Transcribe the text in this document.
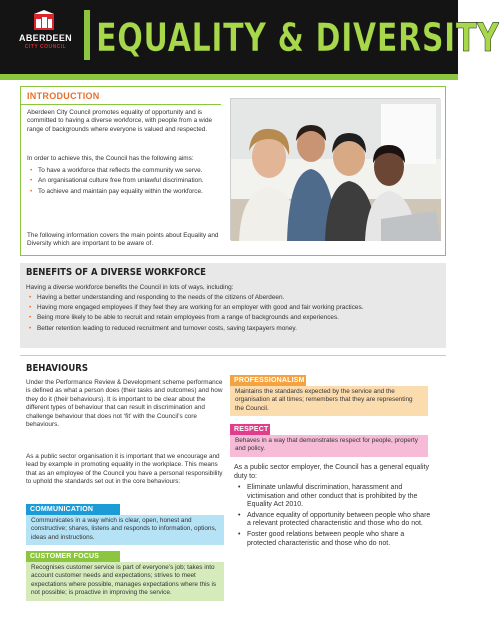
ABERDEEN
CITY COUNCIL EQUALITY & DIVERSITY
INTRODUCTION
Aberdeen City Council promotes equality of opportunity and is committed to having a diverse workforce, with people from a wide range of backgrounds where everyone is valued and respected.
In order to achieve this, the Council has the following aims:
• To have a workforce that reflects the community we serve.
• An organisational culture free from unlawful discrimination.
• To achieve and maintain pay equality within the workforce.
The following information covers the main points about Equality and Diversity which are important to be aware of.
BENEFITS OF A DIVERSE WORKFORCE
Having a diverse workforce benefits the Council in lots of ways, including:
• Having a better understanding and responding to the needs of the citizens of Aberdeen.
• Having more engaged employees if they feel they are working for an employer with good and fair working practices.
• Being more likely to be able to recruit and retain employees from a range of backgrounds and experiences.
• Better retention leading to reduced recruitment and turnover costs, saving taxpayers money.
BEHAVIOURS
Under the Performance Review & Development scheme performance is defined as what a person does (their tasks and outcomes) and how they do it (their behaviours). It is important to be clear about the different types of behaviour that can result in discrimination and challenge behaviour that does not ‘fit’ with the Council’s core behaviours.
As a public sector organisation it is important that we encourage and lead by example in promoting equality in the workplace. This means that as an employee of the Council you have a personal responsibility to uphold the standards set out in the core behaviours:
COMMUNICATION
Communicates in a way which is clear, open, honest and constructive; shares, listens and responds to information, options, ideas and instructions.
CUSTOMER FOCUS
Recognises customer service is part of everyone’s job; takes into account customer needs and expectations; strives to meet expectations where possible, manages expectations where this is not possible; is proactive in improving the service.
PROFESSIONALISM
Maintains the standards expected by the service and the organisation at all times; remembers that they are representing the Council.
RESPECT
Behaves in a way that demonstrates respect for people, property and policy.
As a public sector employer, the Council has a general equality duty to:
• Eliminate unlawful discrimination, harassment and victimisation and other conduct that is prohibited by the Equality Act 2010.
• Advance equality of opportunity between people who share a relevant protected characteristic and those who do not.
• Foster good relations between people who share a protected characteristic and those who do not.
